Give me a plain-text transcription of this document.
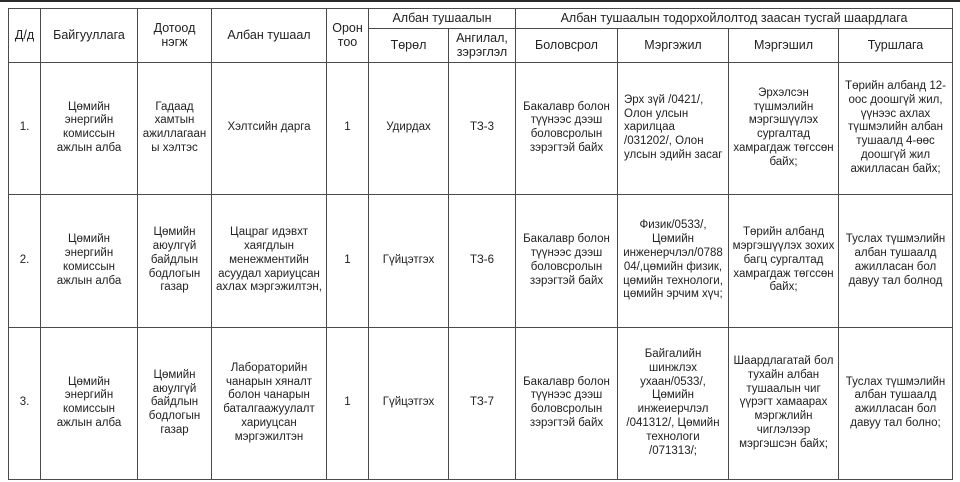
Д/д	Байгууллага	Дотоод нэгж	Албан тушаал	Орон тоо	Албан тушаалын		Албан тушаалын тодорхойлолтод заасан тусгай шаардлага			
					Төрөл	Ангилал, зэрэглэл	Боловсрол	Мэргэжил	Мэргэшил	Туршлага
1.	Цөмийн энергийн комиссын ажлын алба	Гадаад хамтын ажиллагааны хэлтэс	Хэлтсийн дарга	1	Удирдах	ТЗ-3	Бакалавр болон түүнээс дээш боловсролын зэрэгтэй байх	Эрх зүй /0421/, Олон улсын харилцаа /031202/, Олон улсын эдийн засаг	Эрхэлсэн түшмэлийн мэргэшүүлэх сургалтад хамрагдаж төгссөн байх;	Төрийн албанд 12-оос доошгүй жил, үүнээс ахлах түшмэлийн албан тушаалд 4-өөс доошгүй жил ажилласан байх;
2.	Цөмийн энергийн комиссын ажлын алба	Цөмийн аюулгүй байдлын бодлогын газар	Цацраг идэвхт хаягдлын менежментийн асуудал хариуцсан ахлах мэргэжилтэн,	1	Гүйцэтгэх	ТЗ-6	Бакалавр болон түүнээс дээш боловсролын зэрэгтэй байх	Физик/0533/, Цөмийн инженерчлэл/078804/,цөмийн физик, цөмийн технологи, цөмийн эрчим хүч;	Төрийн албанд мэргэшүүлэх зохих багц сургалтад хамрагдаж төгссөн байх;	Туслах түшмэлийн албан тушаалд ажилласан бол давуу тал болнод
3.	Цөмийн энергийн комиссын ажлын алба	Цөмийн аюулгүй байдлын бодлогын газар	Лабораторийн чанарын хяналт болон чанарын баталгаажуулалт хариуцсан мэргэжилтэн	1	Гүйцэтгэх	ТЗ-7	Бакалавр болон түүнээс дээш боловсролын зэрэгтэй байх	Байгалийн шинжлэх ухаан/0533/, Цөмийн инжеиерчлэл /041312/, Цөмийн технологи /071313/;	Шаардлагатай бол тухайн албан тушаалын чиг үүрэгт хамаарах мэргжлийн чиглэлээр мэргэшсэн байх;	Туслах түшмэлийн албан тушаалд ажилласан бол давуу тал болно;
